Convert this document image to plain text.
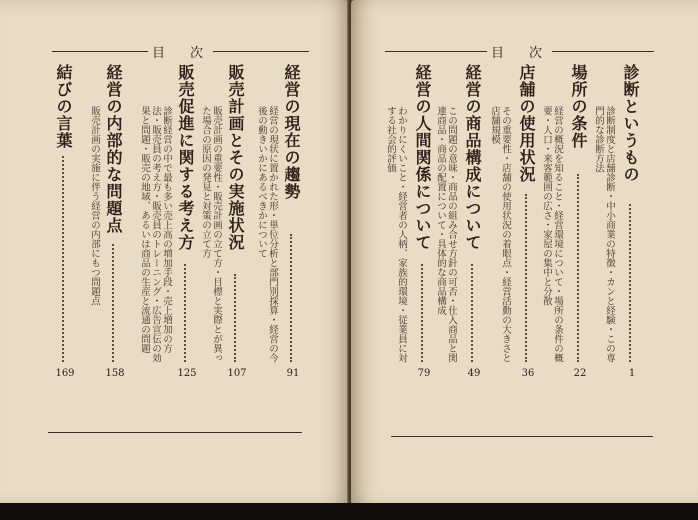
目　次
経営の現在の趨勢
経営の現状に置かれた形・単位分析と部門別採算・経営の今後の動きいかにあるべきかについて
91
販売計画とその実施状況
販売計画の重要性・販売計画の立て方・目標と実際とが異った場合の原因の発見と対策の立て方
107
販売促進に関する考え方
診断経営の中で最も多い売上高の増加手段・売上増加の方法・販売員の考え方・販売員のトレーニング・広告宣伝の効果と問題・販売の地域、あるいは商品の生産と流通の問題
125
経営の内部的な問題点
販売計画の実施に伴う経営の内部にもつ問題点
158
結びの言葉
169
目　次
診断というもの
診断制度と店舗診断・中小商業の特徴・カンと経験・この専門的な診断方法
1
場所の条件
経営の概況を知ること・経営環境について・場所の条件の概要・人口・来客範囲の広さ・家屋の集中と分散
22
店舗の使用状況
その重要性・店舗の使用状況の着眼点・経営活動の大きさと店舗規模
36
経営の商品構成について
この問題の意味・商品の組み合せ方針の可否・仕入商品と関連商品・商品の配置について・具体的な商品構成
49
経営の人間関係について
わかりにくいこと・経営者の人柄、家族的環境・従業員に対する社会的評価
79
